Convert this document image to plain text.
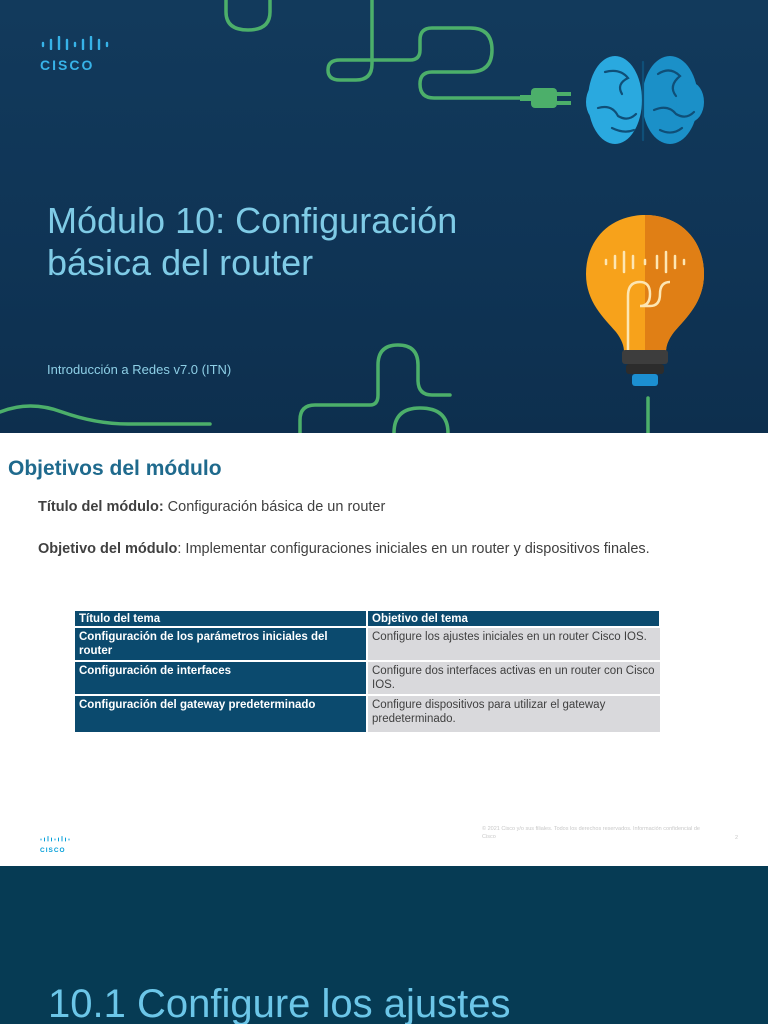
CISCO
Módulo 10: Configuración básica del router
Introducción a Redes v7.0 (ITN)
Objetivos del módulo
Título del módulo: Configuración básica de un router
Objetivo del módulo: Implementar configuraciones iniciales en un router y dispositivos finales.
Título del tema	Objetivo del tema
Configuración de los parámetros iniciales del router	Configure los ajustes iniciales en un router Cisco IOS.
Configuración de interfaces	Configure dos interfaces activas en un router con Cisco IOS.
Configuración del gateway predeterminado	Configure dispositivos para utilizar el gateway predeterminado.
CISCO
© 2021 Cisco y/o sus filiales. Todos los derechos reservados. Información confidencial de Cisco	2
10.1 Configure los ajustes
